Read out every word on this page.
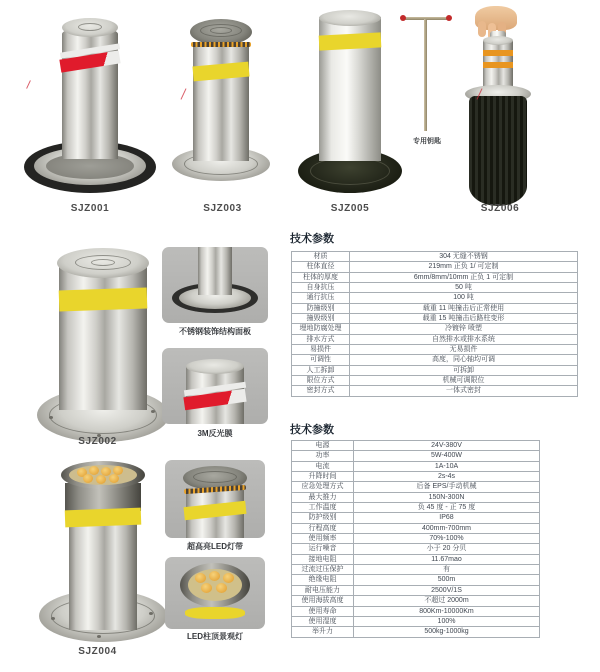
SJZ001	SJZ003	SJZ005
专用钥匙
SJZ006
SJZ002
不锈钢装饰结构面板
3M反光膜
技术参数
材质	304 无缝不锈钢
柱体直径	219mm 正负 1/ 可定制
柱体的厚度	6mm/8mm/10mm 正负 1 可定制
自身抗压	50 吨
通行抗压	100 吨
防撞级别	载重 11 吨撞击后正常使用
撞毁级别	载重 15 吨撞击后路柱变形
埋地防腐处理	冷镀锌 喷塑
排水方式	自然排水或排水系统
易损件	无易损件
可调性	高度，同心轴均可调
人工拆卸	可拆卸
限位方式	机械可调限位
密封方式	一体式密封
SJZ004
超高亮LED灯带
LED柱顶景观灯
技术参数
电源	24V-380V
功率	5W-400W
电流	1A-10A
升降时间	2s-4s
应急处理方式	后备 EPS/手动机械
最大推力	150N-300N
工作温度	负 45 度 - 正 75 度
防护级别	IP68
行程高度	400mm-700mm
使用频率	70%-100%
运行噪音	小于 20 分贝
接地电阻	11.67mao
过流过压保护	有
绝缘电阻	500m
耐电压能力	2500V/1S
使用海拔高度	不超过 2000m
使用寿命	800Km-10000Km
使用湿度	100%
举升力	500kg-1000kg
